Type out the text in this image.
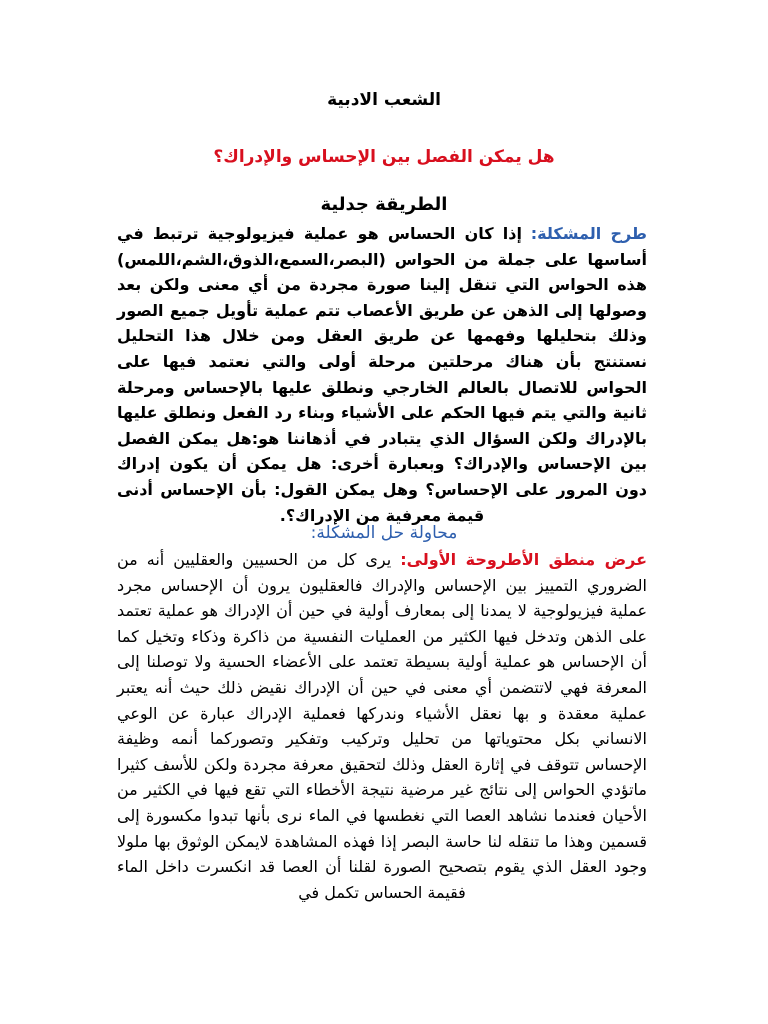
الشعب الادبية

هل يمكن الفصل بين الإحساس والإدراك؟

الطريقة جدلية

طرح المشكلة: إذا كان الحساس هو عملية فيزيولوجية ترتبط في أساسها على جملة من الحواس (البصر،السمع،الذوق،الشم،اللمس) هذه الحواس التي تنقل إلينا صورة مجردة من أي معنى ولكن بعد وصولها إلى الذهن عن طريق الأعصاب تتم عملية تأويل جميع الصور وذلك بتحليلها وفهمها عن طريق العقل ومن خلال هذا التحليل نستنتج بأن هناك مرحلتين مرحلة أولى والتي نعتمد فيها على الحواس للاتصال بالعالم الخارجي ونطلق عليها بالإحساس ومرحلة ثانية والتي يتم فيها الحكم على الأشياء وبناء رد الفعل ونطلق عليها بالإدراك ولكن السؤال الذي يتبادر في أذهاننا هو:هل يمكن الفصل بين الإحساس والإدراك؟ وبعبارة أخرى: هل يمكن أن يكون إدراك دون المرور على الإحساس؟ وهل يمكن القول: بأن الإحساس أدنى قيمة معرفية من الإدراك؟.

محاولة حل المشكلة:

عرض منطق الأطروحة الأولى: يرى كل من الحسيين والعقليين أنه من الضروري التمييز بين الإحساس والإدراك فالعقليون يرون أن الإحساس مجرد عملية فيزيولوجية لا يمدنا إلى بمعارف أولية في حين أن الإدراك هو عملية تعتمد على الذهن وتدخل فيها الكثير من العمليات النفسية من ذاكرة وذكاء وتخيل كما أن الإحساس هو عملية أولية بسيطة تعتمد على الأعضاء الحسية ولا توصلنا إلى المعرفة فهي لاتتضمن أي معنى في حين أن الإدراك نقيض ذلك حيث أنه يعتبر عملية معقدة و بها نعقل الأشياء وندركها فعملية الإدراك عبارة عن الوعي الانساني بكل محتوياتها من تحليل وتركيب وتفكير وتصوركما أنمه وظيفة الإحساس تتوقف في إثارة العقل وذلك لتحقيق معرفة مجردة ولكن للأسف كثيرا ماتؤدي الحواس إلى نتائج غير مرضية نتيجة الأخطاء التي تقع فيها في الكثير من الأحيان فعندما نشاهد العصا التي نغطسها في الماء نرى بأنها تبدوا مكسورة إلى قسمين وهذا ما تنقله لنا حاسة البصر إذا فهذه المشاهدة لايمكن الوثوق بها ملولا وجود العقل الذي يقوم بتصحيح الصورة لقلنا أن العصا قد انكسرت داخل الماء فقيمة الحساس تكمل في
